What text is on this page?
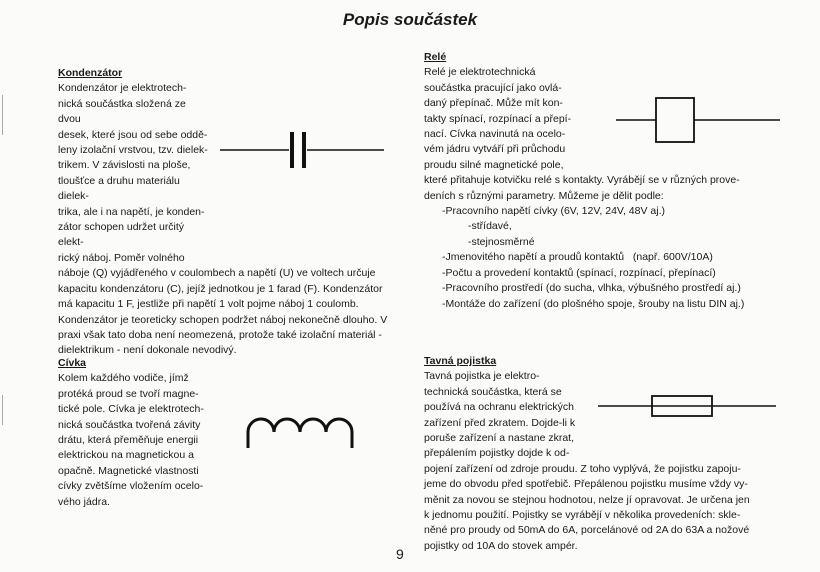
Popis součástek
Kondenzátor

Kondenzátor je elektrotech-
nická součástka složená ze dvou
desek, které jsou od sebe oddě-
leny izolační vrstvou, tzv. dielek-
trikem. V závislosti na ploše,
tloušťce a druhu materiálu dielek-
trika, ale i na napětí, je konden-
zátor schopen udržet určitý elekt-
rický náboj. Poměr volného

náboje (Q) vyjádřeného v coulombech a napětí (U) ve voltech určuje
kapacitu kondenzátoru (C), jejíž jednotkou je 1 farad (F). Kondenzátor
má kapacitu 1 F, jestliže při napětí 1 volt pojme náboj 1 coulomb.
Kondenzátor je teoreticky schopen podržet náboj nekonečně dlouho. V
praxi však tato doba není neomezená, protože také izolační materiál -
dielektrikum - není dokonale nevodivý.

Relé

Relé je elektrotechnická
součástka pracující jako ovlá-
daný přepínač. Může mít kon-
takty spínací, rozpínací a přepí-
nací. Cívka navinutá na ocelo-
vém jádru vytváří při průchodu
proudu silné magnetické pole,

které přitahuje kotvičku relé s kontakty. Vyrábějí se v různých prove-
deních s různými parametry. Můžeme je dělit podle:

-Pracovního napětí cívky (6V, 12V, 24V, 48V aj.)
-střídavé,
-stejnosměrné
-Jmenovitého napětí a proudů kontaktů   (např. 600V/10A)
-Počtu a provedení kontaktů (spínací, rozpínací, přepínací)
-Pracovního prostředí (do sucha, vlhka, výbušného prostředí aj.)
-Montáže do zařízení (do plošného spoje, šrouby na listu DIN aj.)
Cívka

Kolem každého vodiče, jímž
protéká proud se tvoří magne-
tické pole. Cívka je elektrotech-
nická součástka tvořená závity
drátu, která přeměňuje energii
elektrickou na magnetickou a
opačně. Magnetické vlastnosti
cívky zvětšíme vložením ocelo-
vého jádra.

Tavná pojistka

Tavná pojistka je elektro-
technická součástka, která se
používá na ochranu elektrických
zařízení před zkratem. Dojde-li k
poruše zařízení a nastane zkrat,
přepálením pojistky dojde k od-

pojení zařízení od zdroje proudu. Z toho vyplývá, že pojistku zapoju-
jeme do obvodu před spotřebič. Přepálenou pojistku musíme vždy vy-
měnit za novou se stejnou hodnotou, nelze jí opravovat. Je určena jen
k jednomu použití. Pojistky se vyrábějí v několika provedeních: skle-
něné pro proudy od 50mA do 6A, porcelánové od 2A do 63A a nožové
pojistky od 10A do stovek ampér.

9
